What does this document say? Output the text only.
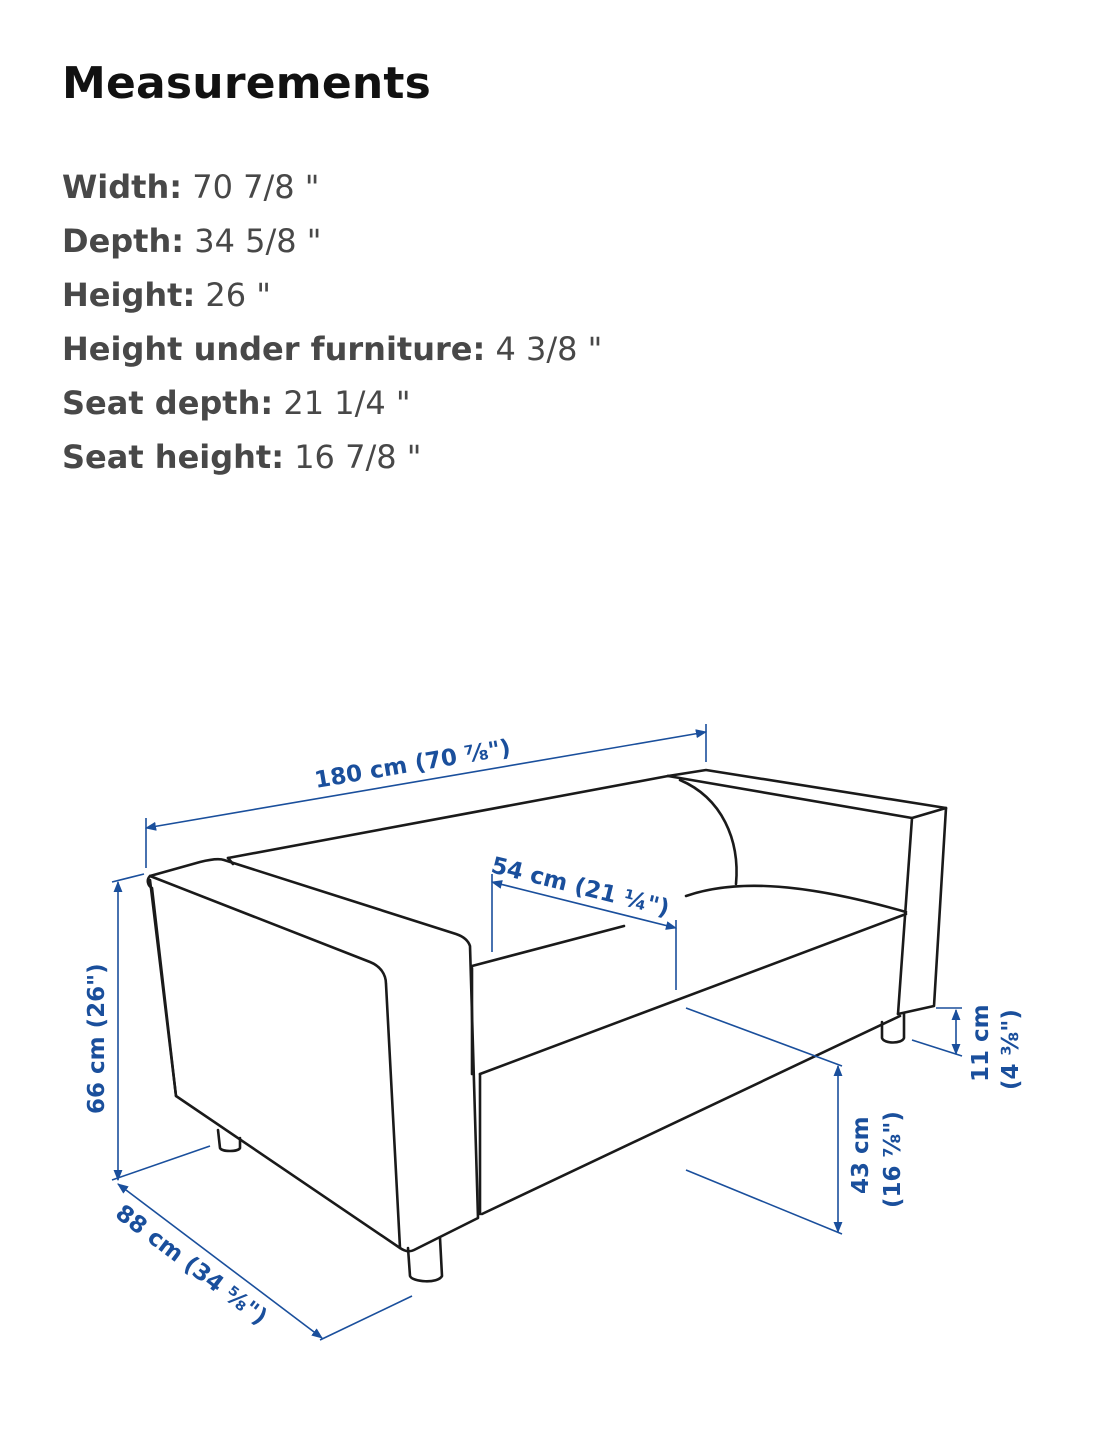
Measurements
Width: 70 7/8 "
Depth: 34 5/8 "
Height: 26 "
Height under furniture: 4 3/8 "
Seat depth: 21 1/4 "
Seat height: 16 7/8 "
180 cm (70 ⅞")
54 cm (21 ¼")
66 cm (26")
88 cm (34 ⅝")
43 cm (16 ⅞")
11 cm (4 ⅜")
